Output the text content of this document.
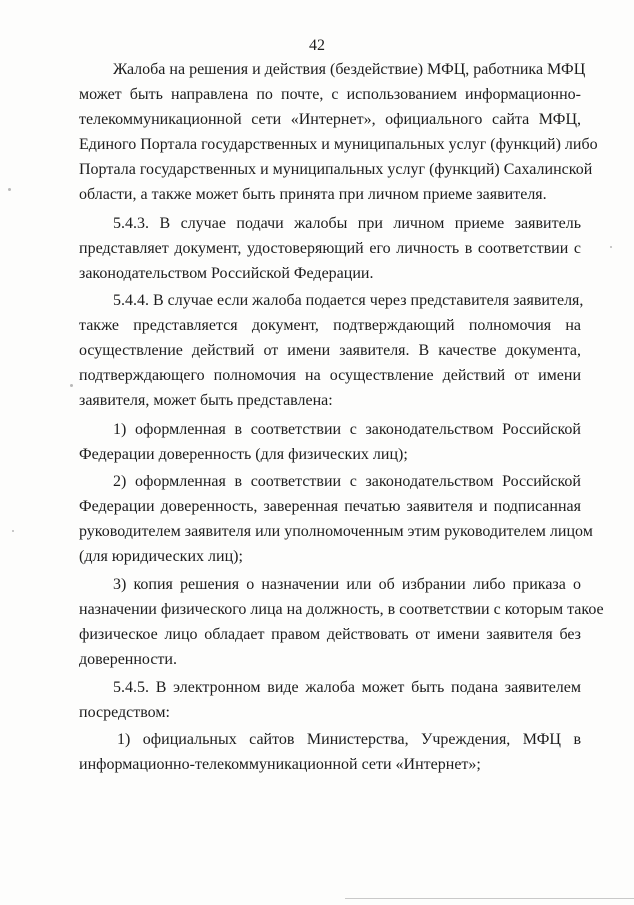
42
Жалоба на решения и действия (бездействие) МФЦ, работника МФЦ
может быть направлена по почте, с использованием информационно-
телекоммуникационной сети «Интернет», официального сайта МФЦ,
Единого Портала государственных и муниципальных услуг (функций) либо
Портала государственных и муниципальных услуг (функций) Сахалинской
области, а также может быть принята при личном приеме заявителя.
5.4.3. В случае подачи жалобы при личном приеме заявитель
представляет документ, удостоверяющий его личность в соответствии с
законодательством Российской Федерации.
5.4.4. В случае если жалоба подается через представителя заявителя,
также представляется документ, подтверждающий полномочия на
осуществление действий от имени заявителя. В качестве документа,
подтверждающего полномочия на осуществление действий от имени
заявителя, может быть представлена:
1) оформленная в соответствии с законодательством Российской
Федерации доверенность (для физических лиц);
2) оформленная в соответствии с законодательством Российской
Федерации доверенность, заверенная печатью заявителя и подписанная
руководителем заявителя или уполномоченным этим руководителем лицом
(для юридических лиц);
3) копия решения о назначении или об избрании либо приказа о
назначении физического лица на должность, в соответствии с которым такое
физическое лицо обладает правом действовать от имени заявителя без
доверенности.
5.4.5. В электронном виде жалоба может быть подана заявителем
посредством:
1) официальных сайтов Министерства, Учреждения, МФЦ в
информационно-телекоммуникационной сети «Интернет»;
